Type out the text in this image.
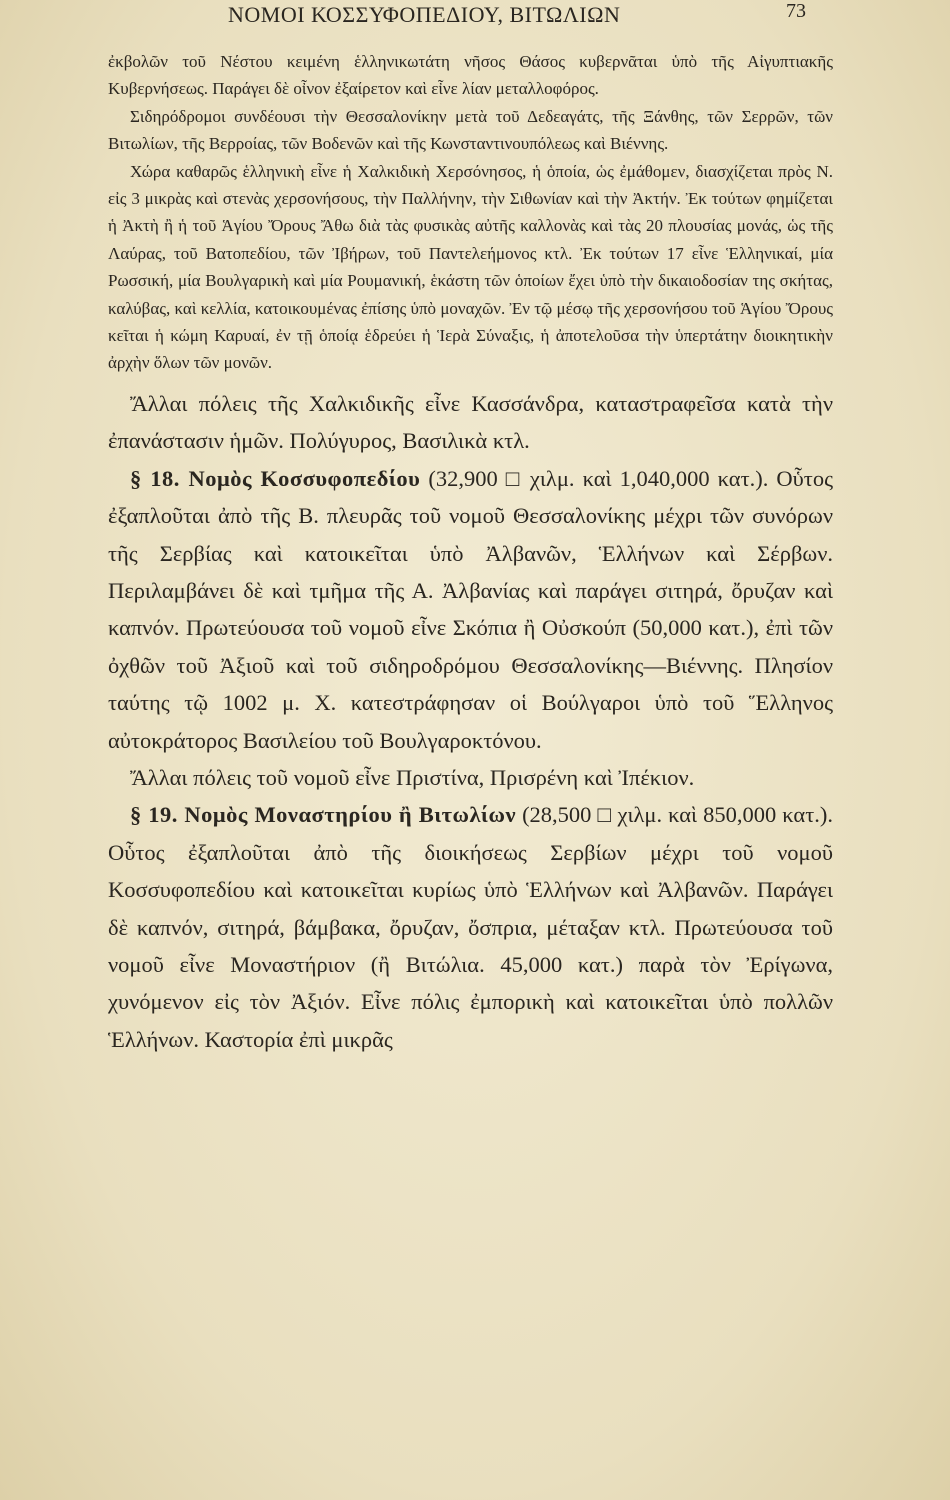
ΝΟΜΟΙ ΚΟΣΣΥΦΟΠΕΔΙΟΥ, ΒΙΤΩΛΙΩΝ	73

ἐκβολῶν τοῦ Νέστου κειμένη ἑλληνικωτάτη νῆσος Θάσος κυβερνᾶται ὑπὸ τῆς Αἰγυπτιακῆς Κυβερνήσεως. Παράγει δὲ οἶνον ἐξαίρετον καὶ εἶνε λίαν μεταλλοφόρος.

Σιδηρόδρομοι συνδέουσι τὴν Θεσσαλονίκην μετὰ τοῦ Δεδεαγάτς, τῆς Ξάνθης, τῶν Σερρῶν, τῶν Βιτωλίων, τῆς Βερροίας, τῶν Βοδενῶν καὶ τῆς Κωνσταντινουπόλεως καὶ Βιέννης.

Χώρα καθαρῶς ἑλληνικὴ εἶνε ἡ Χαλκιδικὴ Χερσόνησος, ἡ ὁποία, ὡς ἐμάθομεν, διασχίζεται πρὸς Ν. εἰς 3 μικρὰς καὶ στενὰς χερσονήσους, τὴν Παλλήνην, τὴν Σιθωνίαν καὶ τὴν Ἀκτήν. Ἐκ τούτων φημίζεται ἡ Ἀκτὴ ἢ ἡ τοῦ Ἁγίου Ὄρους Ἄθω διὰ τὰς φυσικὰς αὐτῆς καλλονὰς καὶ τὰς 20 πλουσίας μονάς, ὡς τῆς Λαύρας, τοῦ Βατοπεδίου, τῶν Ἰβήρων, τοῦ Παντελεήμονος κτλ. Ἐκ τούτων 17 εἶνε Ἑλληνικαί, μία Ρωσσική, μία Βουλγαρικὴ καὶ μία Ρουμανική, ἑκάστη τῶν ὁποίων ἔχει ὑπὸ τὴν δικαιοδοσίαν της σκήτας, καλύβας, καὶ κελλία, κατοικουμένας ἐπίσης ὑπὸ μοναχῶν. Ἐν τῷ μέσῳ τῆς χερσονήσου τοῦ Ἁγίου Ὄρους κεῖται ἡ κώμη Καρυαί, ἐν τῇ ὁποίᾳ ἑδρεύει ἡ Ἱερὰ Σύναξις, ἡ ἀποτελοῦσα τὴν ὑπερτάτην διοικητικὴν ἀρχὴν ὅλων τῶν μονῶν.

Ἄλλαι πόλεις τῆς Χαλκιδικῆς εἶνε Κασσάνδρα, καταστραφεῖσα κατὰ τὴν ἐπανάστασιν ἡμῶν. Πολύγυρος, Βασιλικὰ κτλ.

§ 18. Νομὸς Κοσσυφοπεδίου (32,900 □ χιλμ. καὶ 1,040,000 κατ.). Οὗτος ἐξαπλοῦται ἀπὸ τῆς Β. πλευρᾶς τοῦ νομοῦ Θεσσαλονίκης μέχρι τῶν συνόρων τῆς Σερβίας καὶ κατοικεῖται ὑπὸ Ἀλβανῶν, Ἑλλήνων καὶ Σέρβων. Περιλαμβάνει δὲ καὶ τμῆμα τῆς Α. Ἀλβανίας καὶ παράγει σιτηρά, ὄρυζαν καὶ καπνόν. Πρωτεύουσα τοῦ νομοῦ εἶνε Σκόπια ἢ Οὐσκούπ (50,000 κατ.), ἐπὶ τῶν ὀχθῶν τοῦ Ἀξιοῦ καὶ τοῦ σιδηροδρόμου Θεσσαλονίκης—Βιέννης. Πλησίον ταύτης τῷ 1002 μ. Χ. κατεστράφησαν οἱ Βούλγαροι ὑπὸ τοῦ Ἕλληνος αὐτοκράτορος Βασιλείου τοῦ Βουλγαροκτόνου.

Ἄλλαι πόλεις τοῦ νομοῦ εἶνε Πριστίνα, Πρισρένη καὶ Ἰπέκιον.

§ 19. Νομὸς Μοναστηρίου ἢ Βιτωλίων (28,500 □ χιλμ. καὶ 850,000 κατ.). Οὗτος ἐξαπλοῦται ἀπὸ τῆς διοικήσεως Σερβίων μέχρι τοῦ νομοῦ Κοσσυφοπεδίου καὶ κατοικεῖται κυρίως ὑπὸ Ἑλλήνων καὶ Ἀλβανῶν. Παράγει δὲ καπνόν, σιτηρά, βάμβακα, ὄρυζαν, ὄσπρια, μέταξαν κτλ. Πρωτεύουσα τοῦ νομοῦ εἶνε Μοναστήριον (ἢ Βιτώλια. 45,000 κατ.) παρὰ τὸν Ἐρίγωνα, χυνόμενον εἰς τὸν Ἀξιόν. Εἶνε πόλις ἐμπορικὴ καὶ κατοικεῖται ὑπὸ πολλῶν Ἑλλήνων. Καστορία ἐπὶ μικρᾶς
